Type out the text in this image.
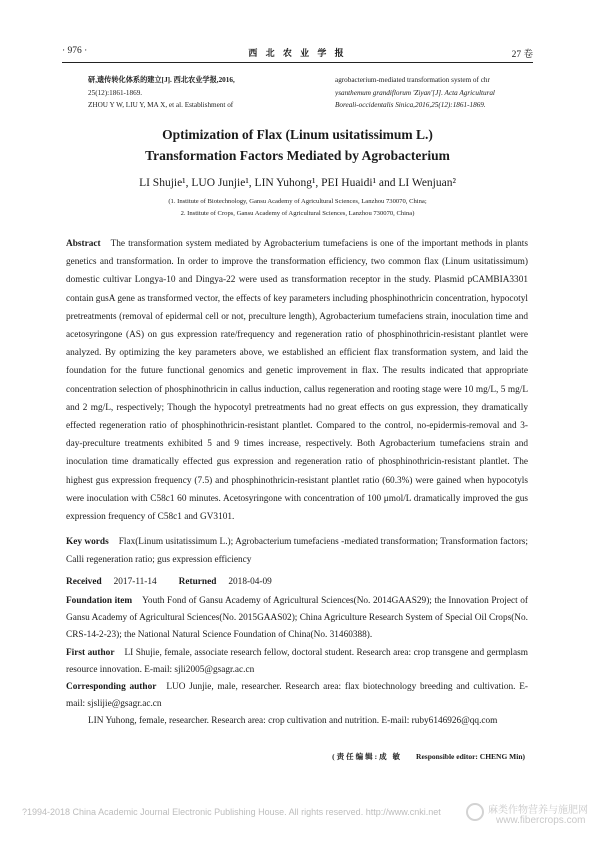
· 976 ·	西 北 农 业 学 报	27 卷
研,遗传转化体系的建立[J]. 西北农业学报,2016,
25(12):1861-1869.
ZHOU Y W, LIU Y, MA X, et al. Establishment of
agrobacterium-mediated transformation system of chr
ysanthemum grandiflorum 'Ziyan'[J]. Acta Agricultural
Boreali-occidentalis Sinica,2016,25(12):1861-1869.
Optimization of Flax (Linum usitatissimum L.)
Transformation Factors Mediated by Agrobacterium
LI Shujie¹, LUO Junjie¹, LIN Yuhong¹, PEI Huaidi¹ and LI Wenjuan²
(1. Institute of Biotechnology, Gansu Academy of Agricultural Sciences, Lanzhou 730070, China;
2. Institute of Crops, Gansu Academy of Agricultural Sciences, Lanzhou 730070, China)
Abstract The transformation system mediated by Agrobacterium tumefaciens is one of the important methods in plants genetics and transformation. In order to improve the transformation efficiency, two common flax (Linum usitatissimum) domestic cultivar Longya-10 and Dingya-22 were used as transformation receptor in the study. Plasmid pCAMBIA3301 contain gusA gene as transformed vector, the effects of key parameters including phosphinothricin concentration, hypocotyl pretreatments (removal of epidermal cell or not, preculture length), Agrobacterium tumefaciens strain, inoculation time and acetosyringone (AS) on gus expression rate/frequency and regeneration ratio of phosphinothricin-resistant plantlet were analyzed. By optimizing the key parameters above, we established an efficient flax transformation system, and laid the foundation for the future functional genomics and genetic improvement in flax. The results indicated that appropriate concentration selection of phosphinothricin in callus induction, callus regeneration and rooting stage were 10 mg/L, 5 mg/L and 2 mg/L, respectively; Though the hypocotyl pretreatments had no great effects on gus expression, they dramatically effected regeneration ratio of phosphinothricin-resistant plantlet. Compared to the control, no-epidermis-removal and 3-day-preculture treatments exhibited 5 and 9 times increase, respectively. Both Agrobacterium tumefaciens strain and inoculation time dramatically effected gus expression and regeneration ratio of phosphinothricin-resistant plantlet. The highest gus expression frequency (7.5) and phosphinothricin-resistant plantlet ratio (60.3%) were gained when hypocotyls were inoculation with C58c1 60 minutes. Acetosyringone with concentration of 100 μmol/L dramatically improved the gus expression frequency of C58c1 and GV3101.
Key words Flax(Linum usitatissimum L.); Agrobacterium tumefaciens -mediated transformation; Transformation factors; Calli regeneration ratio; gus expression efficiency
Received 2017-11-14 Returned 2018-04-09
Foundation item Youth Fond of Gansu Academy of Agricultural Sciences(No. 2014GAAS29); the Innovation Project of Gansu Academy of Agricultural Sciences(No. 2015GAAS02); China Agriculture Research System of Special Oil Crops(No. CRS-14-2-23); the National Natural Science Foundation of China(No. 31460388).
First author LI Shujie, female, associate research fellow, doctoral student. Research area: crop transgene and germplasm resource innovation. E-mail: sjli2005@gsagr.ac.cn
Corresponding author LUO Junjie, male, researcher. Research area: flax biotechnology breeding and cultivation. E-mail: sjslijie@gsagr.ac.cn
LIN Yuhong, female, researcher. Research area: crop cultivation and nutrition. E-mail: ruby6146926@qq.com
(责任编辑:成 敏 Responsible editor: CHENG Min)
?1994-2018 China Academic Journal Electronic Publishing House. All rights reserved. http://www.cnki.net	麻类作物营养与施肥网
www.fibercrops.com
